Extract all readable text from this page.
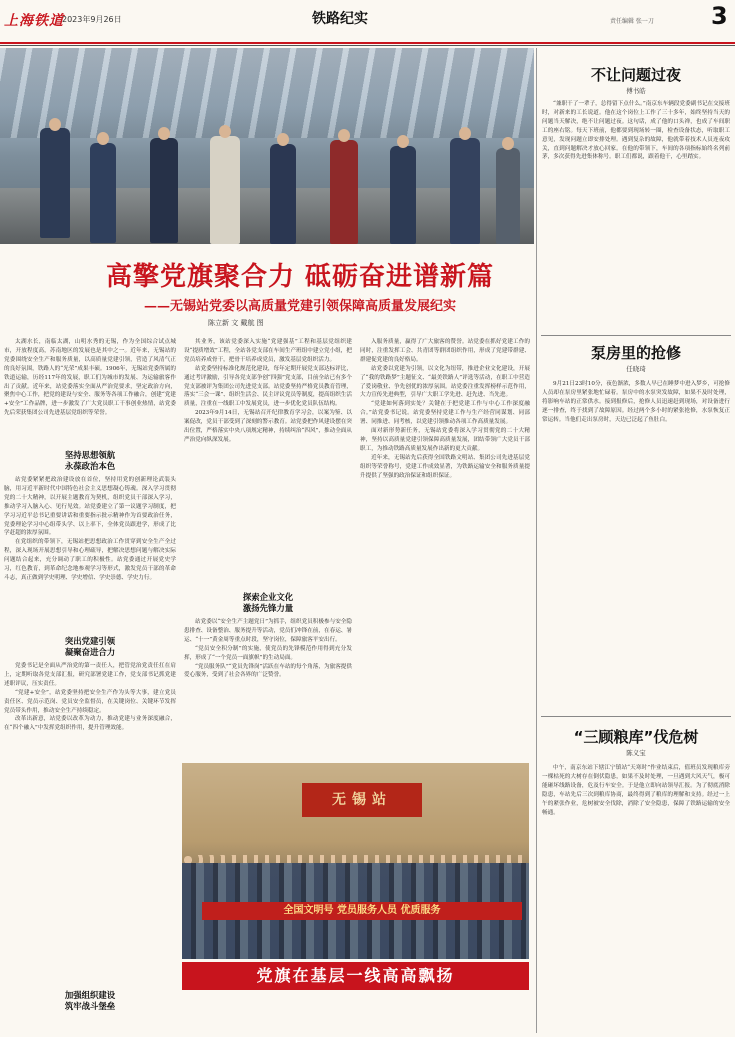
上海铁道
2023年9月26日	铁路纪实	责任编辑 张一刀 3
高擎党旗聚合力 砥砺奋进谱新篇
——无锡站党委以高质量党建引领保障高质量发展纪实
陈立新 文 戴航 图

太湖水长，南临太湖，山明水秀的无锡，作为全国综合试点城市，开放程度高，苏南地区的发展也是其中之一。近年来，无锡站的党委围绕安全生产和服务质量，以高质量党建引领，营造了风清气正的良好氛围，铁路人的“光荣”成果丰硕。1906年，无锡站党委所属的铁道运输，历经117年的发展，职工们为城市的发展、为运输旅客作出了贡献。近年来，站党委落实全面从严治党要求，坚定政治方向，聚焦中心工作，把党的建设与安全、服务等各项工作融合，创建“党建+安全”工作品牌，进一步激发了广大党员职工干事创业热情，站党委先后荣获集团公司先进基层党组织等荣誉。

坚持思想领航
永葆政治本色

站党委紧紧把政治建设放在首位，坚持用党的创新理论武装头脑，用习近平新时代中国特色社会主义思想凝心铸魂。深入学习贯彻党的二十大精神，以开展主题教育为契机，组织党员干部深入学习，推动学习入脑入心、见行见效。站党委建立了第一议题学习制度，把学习习近平总书记重要讲话和重要指示批示精神作为首要政治任务，党委理论学习中心组带头学、以上率下，全体党员跟进学，形成了比学赶超的浓厚氛围。

在党组织的带领下，无锡站把思想政治工作贯穿到安全生产全过程，深入现场开展思想引导和心理疏导，把解决思想问题与解决实际问题结合起来，充分调动了职工的积极性。站党委通过开展党史学习，红色教育，到革命纪念地参观学习等形式，激发党员干部的革命斗志，真正做到学史明理、学史增信、学史崇德、学史力行。

突出党建引领
凝聚奋进合力

党委书记是全面从严治党的第一责任人，把管党治党责任扛在肩上，定期听取各党支部汇报，研究部署党建工作，党支部书记抓党建述职评议，压实责任。

“党建+安全”，站党委坚持把安全生产作为头等大事，建立党员责任区、党员示范岗、党员安全监督员，在关键岗位、关键环节发挥党员带头作用，推动安全生产持续稳定。

改革出新意，站党委以改革为动力，推动党建与业务深度融合，在“四个融入”中发挥党组织作用，提升管理效能。

加强组织建设
筑牢战斗堡垒

其业务，该站党委深入实施“党建强基”工程和基层党组织建设“提质增效”工程，全站各党支部在车间生产班组中建立党小组，把党员培养成骨干，把骨干培养成党员，激发基层党组织活力。

站党委坚持标准化规范化建设，每年定期开展党支部达标评比，通过考评激励，引导各党支部争创“四强”党支部，目前全站已有多个党支部被评为集团公司先进党支部。站党委坚持严格党员教育管理，落实“三会一课”、组织生活会、民主评议党员等制度，提高组织生活质量，注重在一线职工中发展党员，进一步优化党员队伍结构。

2023年9月14日，无锡站召开纪律教育学习会，以案为鉴、以案促改，党员干部受到了深刻的警示教育。站党委把作风建设摆在突出位置，严格落实中央八项规定精神，持续纠治“四风”，推动全面从严治党向纵深发展。

探索企业文化
激扬先锋力量

站党委以“安全生产主题党日”为抓手，组织党员积极参与安全隐患排查、设备整治、服务提升等活动，党员们冲锋在前，在春运、暑运、“十一”黄金周等重点时段，坚守岗位，保障旅客平安出行。

“党员安全积分制”的实施，使党员的先锋模范作用得到充分发挥，形成了“一个党员一面旗帜”的生动局面。

“党员服务队”“党员先锋岗”活跃在车站的每个角落，为旅客提供爱心服务，受到了社会各界的广泛赞誉。

入服务质量，赢得了广大旅客的赞誉。站党委在抓好党建工作的同时，注重发挥工会、共青团等群团组织作用，形成了党建带群建、群建促党建的良好格局。

站党委以党建为引领，以文化为纽带，推进企业文化建设，开展了“我的铁路梦”主题征文、“最美铁路人”评选等活动，在职工中营造了爱岗敬业、争先创优的浓厚氛围。站党委注重发挥榜样示范作用，大力宣传先进典型，引导广大职工学先进、赶先进、当先进。

“党建如何落到实处？关键在于把党建工作与中心工作深度融合。”站党委书记说。站党委坚持党建工作与生产经营同谋划、同部署、同推进、同考核，以党建引领推动各项工作高质量发展。

面对新形势新任务，无锡站党委将深入学习贯彻党的二十大精神，坚持以高质量党建引领保障高质量发展，团结带领广大党员干部职工，为推动铁路高质量发展作出新的更大贡献。

近年来，无锡站先后获得全国铁路文明站、集团公司先进基层党组织等荣誉称号，党建工作成效显著，为铁路运输安全和服务质量提升提供了坚强的政治保证和组织保证。

无锡站
全国文明号 党员服务人员 优质服务
党旗在基层一线高高飘扬
不让问题过夜
傅书皓

“兼职干了一辈子，总得留下点什么。”南京东车辆段党委副书记在交接班时，对新来的工长说道。他在这个岗位上工作了三十多年，始终坚持当天的问题当天解决，绝不让问题过夜。这句话，成了他的口头禅，也成了车间职工的座右铭。每天下班前，他都要到现场转一圈，检查设备状态，听取职工意见，发现问题立即安排处理。遇到复杂的故障，他就带着技术人员连夜攻关，直到问题解决才放心回家。在他的带领下，车间的各项指标始终名列前茅，多次获得先进集体称号。职工们都说，跟着他干，心里踏实。

泵房里的抢修
任晓琦

9月21日23时10分，夜色渐浓，多数人早已在睡梦中进入梦乡，可抢修人员却在泵房里紧张地忙碌着。泵房中的水泵突发故障，如果不及时处理，将影响车站的正常供水。接到报修后，抢修人员迅速赶到现场，对设备进行逐一排查，终于找到了故障原因。经过两个多小时的紧张抢修，水泵恢复正常运转。当他们走出泵房时，天边已泛起了鱼肚白。

“三顾粮库”伐危树
陈义宝

中午，南京东站下辖江宁镇站“天寒时”作业结束后，值班员发现粮库旁一棵枯死的大树存在倒伏隐患，如果不及时处理，一旦遇到大风天气，极可能砸坏线路设备，危及行车安全。于是他立即向站领导汇报。为了彻底消除隐患，车站先后三次到粮库协商，最终得到了粮库的理解和支持。经过一上午的紧张作业，危树被安全伐除，消除了安全隐患，保障了铁路运输的安全畅通。
